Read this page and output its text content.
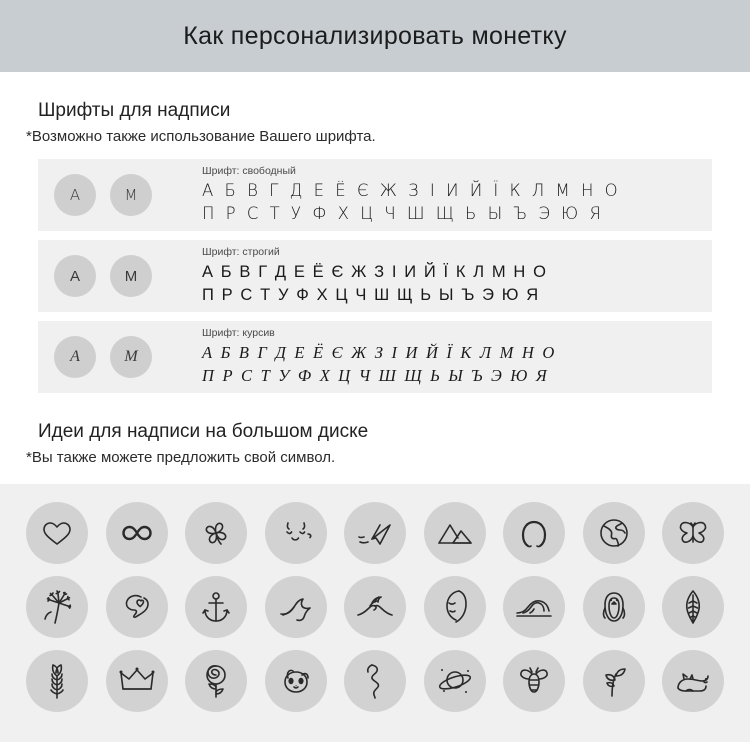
Как персонализировать монетку
Шрифты для надписи
*Возможно также использование Вашего шрифта.
A	M
Шрифт: свободный
А Б В Г Д Е Ё Є Ж З І И Й Ї К Л М Н О
П Р С Т У Ф Х Ц Ч Ш Щ Ь Ы Ъ Э Ю Я
A	M
Шрифт: строгий
А Б В Г Д Е Ё Є Ж З І И Й Ї К Л М Н О
П Р С Т У Ф Х Ц Ч Ш Щ Ь Ы Ъ Э Ю Я
A	M
Шрифт: курсив
А Б В Г Д Е Ё Є Ж З І И Й Ї К Л М Н О
П Р С Т У Ф Х Ц Ч Ш Щ Ь Ы Ъ Э Ю Я
Идеи для надписи на большом диске
*Вы также можете предложить свой символ.
